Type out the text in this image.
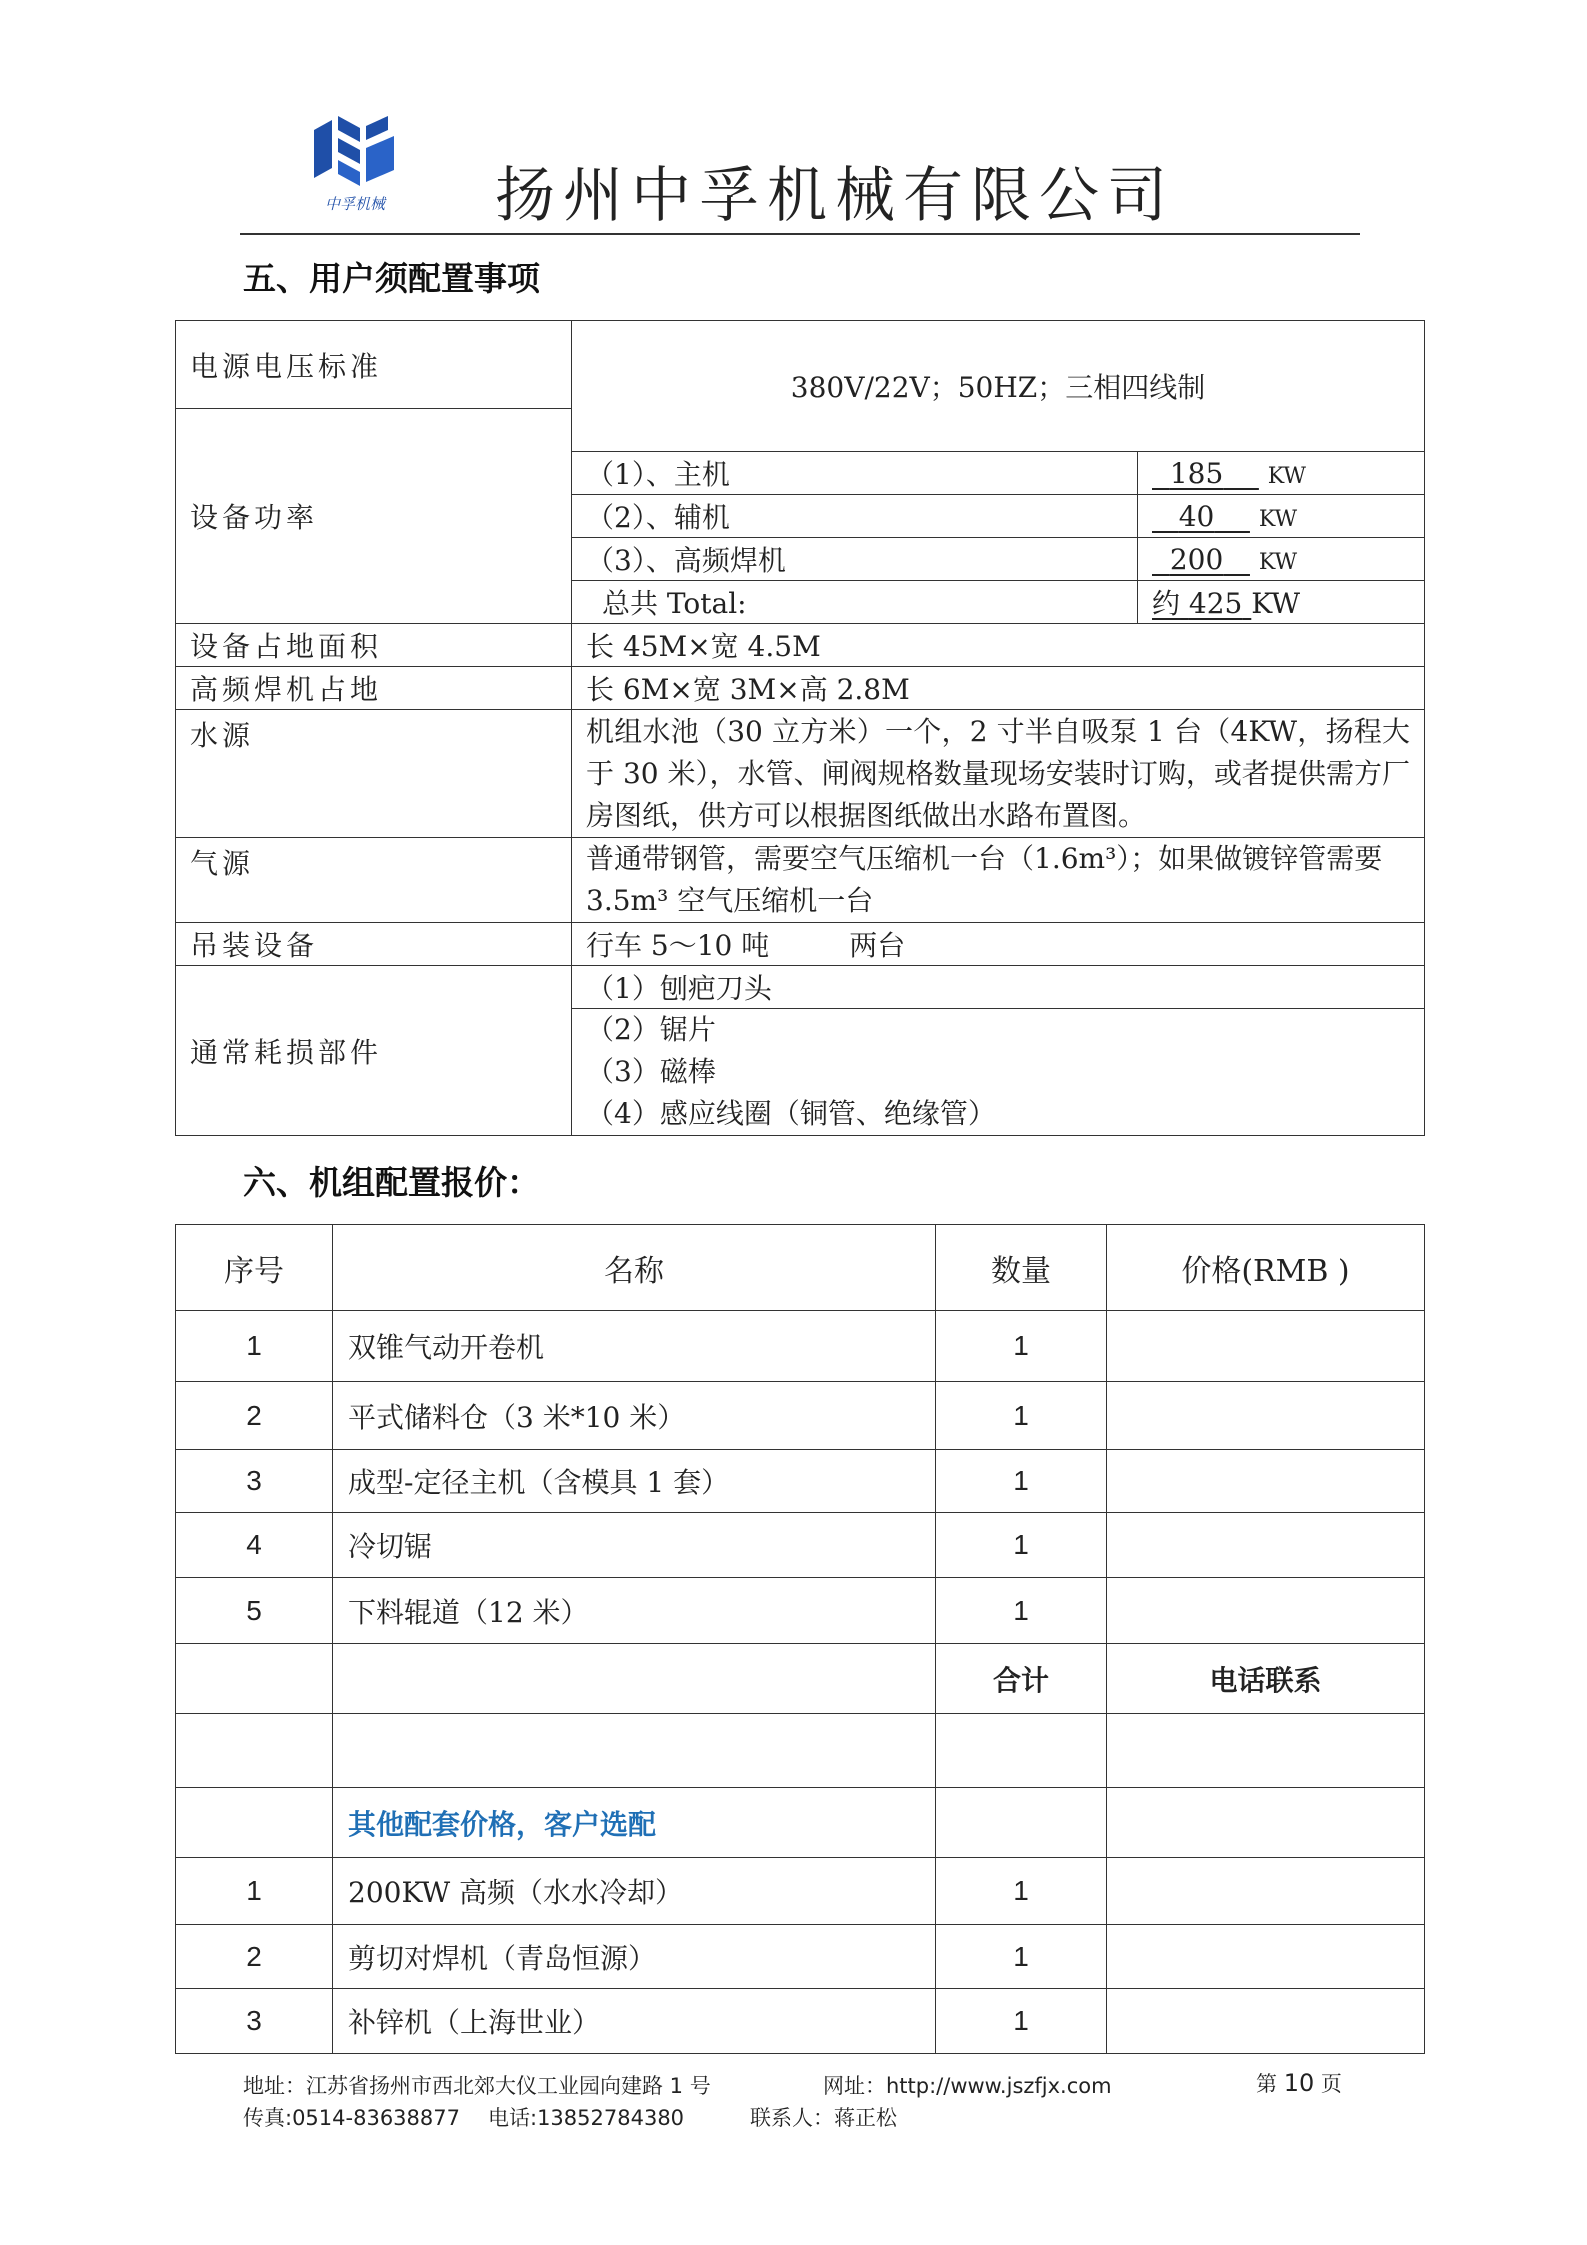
中孚机械 扬州中孚机械有限公司
五、用户须配置事项
电源电压标准	380V/22V；50HZ；三相四线制	
设备功率		
	（1）、主机	185 KW
	（2）、辅机	40 KW
	（3）、高频焊机	200 KW
	总共 Total:	约 425 KW
设备占地面积	长 45M×宽 4.5M	
高频焊机占地	长 6M×宽 3M×高 2.8M	
水源	机组水池（30 立方米）一个，2 寸半自吸泵 1 台（4KW，扬程大于 30 米），水管、闸阀规格数量现场安装时订购，或者提供需方厂房图纸，供方可以根据图纸做出水路布置图。	
气源	普通带钢管，需要空气压缩机一台（1.6m³）；如果做镀锌管需要 3.5m³ 空气压缩机一台	
吊装设备	行车 5～10 吨 两台	
通常耗损部件	（1）刨疤刀头	

	（2）锯片
（3）磁棒
（4）感应线圈（铜管、绝缘管）	
六、机组配置报价：
序号	名称	数量	价格(RMB )
1	双锥气动开卷机	1	
2	平式储料仓（3 米*10 米）	1	
3	成型-定径主机（含模具 1 套）	1	
4	冷切锯	1	
5	下料辊道（12 米）	1	
		合计	电话联系

	其他配套价格，客户选配		
1	200KW 高频（水水冷却）	1	
2	剪切对焊机（青岛恒源）	1	
3	补锌机（上海世业）	1	
地址：江苏省扬州市西北郊大仪工业园向建路 1 号	网址：http://www.jszfjx.com	第 10 页
传真:0514-83638877 电话:13852784380	联系人：蒋正松
